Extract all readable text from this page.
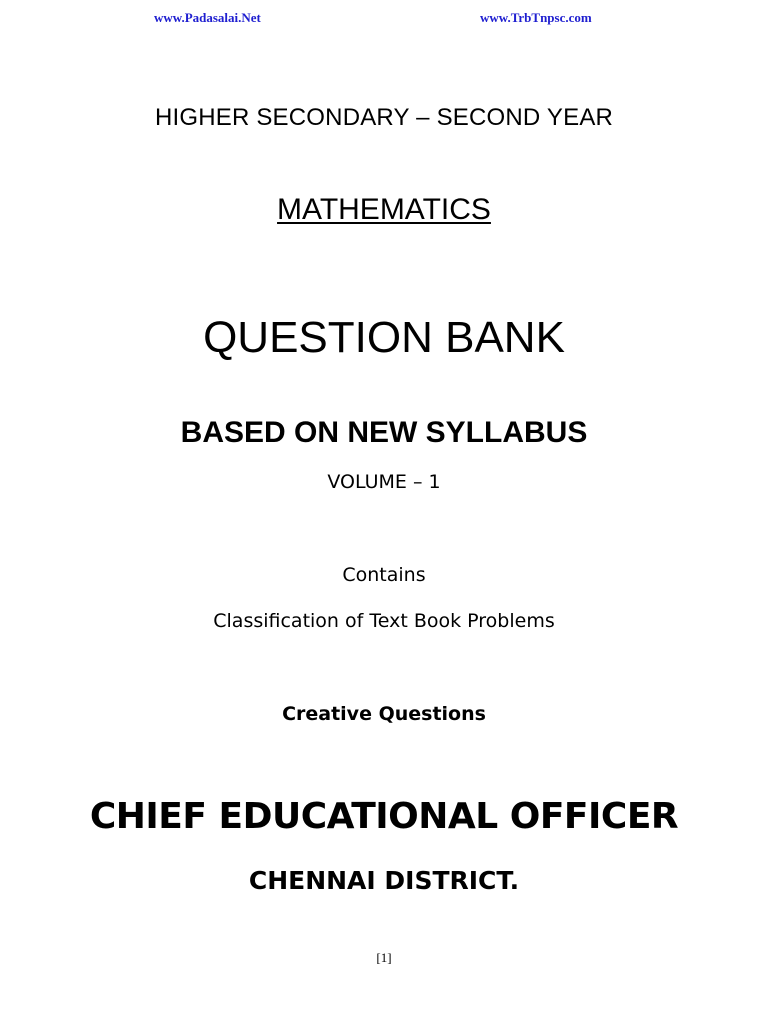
www.Padasalai.Net	www.TrbTnpsc.com
HIGHER SECONDARY – SECOND YEAR
MATHEMATICS
QUESTION BANK
BASED ON NEW SYLLABUS
VOLUME – 1
Contains
Classification of Text Book Problems
Creative Questions
CHIEF EDUCATIONAL OFFICER
CHENNAI DISTRICT.
[1]
